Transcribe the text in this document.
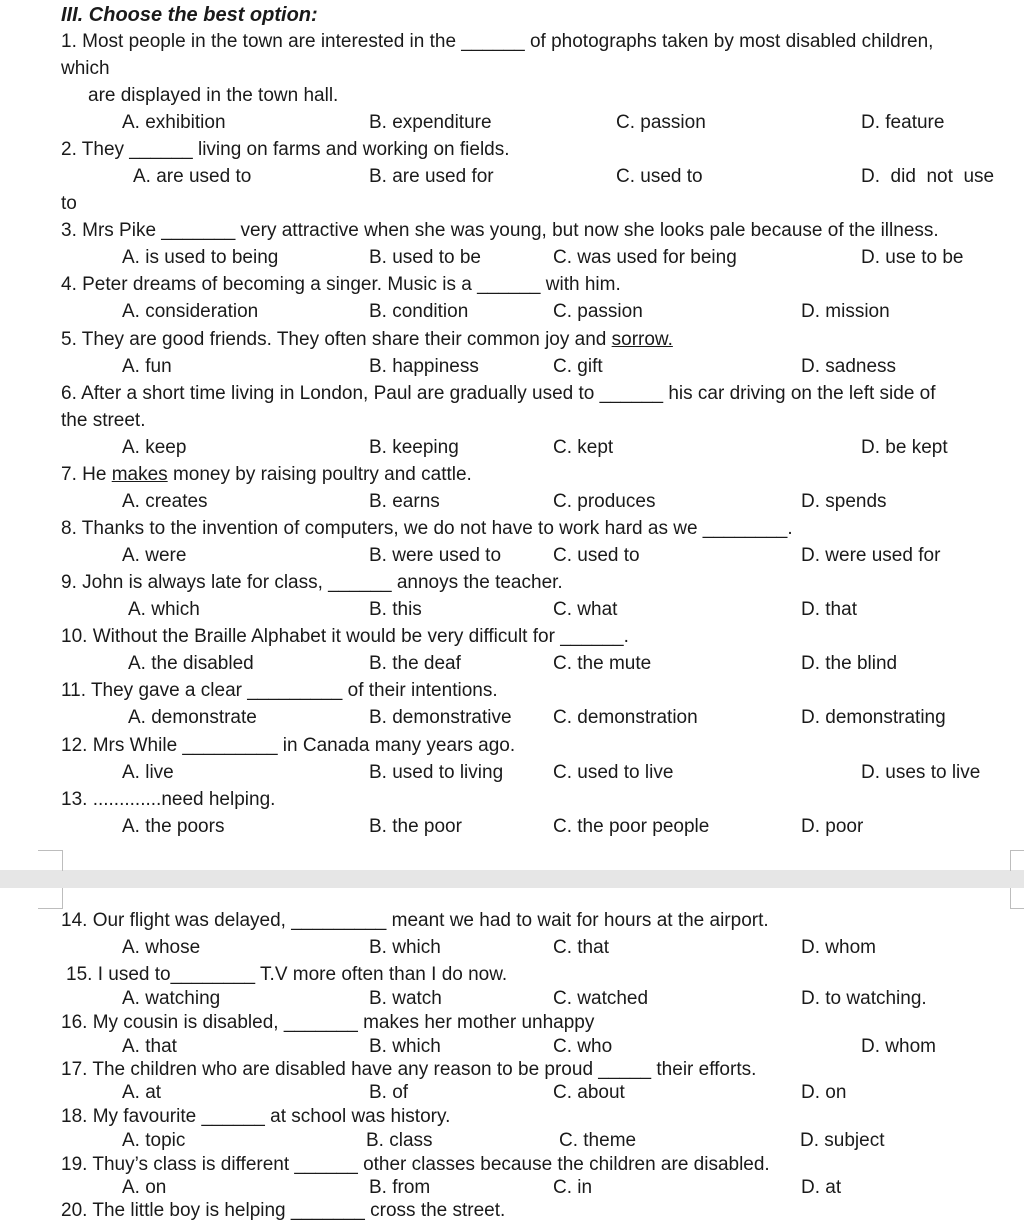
III. Choose the best option:
1. Most people in the town are interested in the ______ of photographs taken by most disabled children,
which
are displayed in the town hall.
A. exhibition	B. expenditure	C. passion	D. feature
2. They ______ living on farms and working on fields.
A. are used to	B. are used for	C. used to	D.  did  not  use
to
3. Mrs Pike _______ very attractive when she was young, but now she looks pale because of the illness.
A. is used to being	B. used to be	C. was used for being	D. use to be
4. Peter dreams of becoming a singer. Music is a ______ with him.
A. consideration	B. condition	C. passion	D. mission
5. They are good friends. They often share their common joy and sorrow.
A. fun	B. happiness	C. gift	D. sadness
6. After a short time living in London, Paul are gradually used to ______ his car driving on the left side of
the street.
A. keep	B. keeping	C. kept	D. be kept
7. He makes money by raising poultry and cattle.
A. creates	B. earns	C. produces	D. spends
8. Thanks to the invention of computers, we do not have to work hard as we ________.
A. were	B. were used to	C. used to	D. were used for
9. John is always late for class, ______ annoys the teacher.
A. which	B. this	C. what	D. that
10. Without the Braille Alphabet it would be very difficult for ______.
A. the disabled	B. the deaf	C. the mute	D. the blind
11. They gave a clear _________ of their intentions.
A. demonstrate	B. demonstrative C. demonstration	D. demonstrating
12. Mrs While _________ in Canada many years ago.
A. live	B. used to living	C. used to live	D. uses to live
13. .............need helping.
A. the poors	B. the poor	C. the poor people	D. poor
14. Our flight was delayed, _________ meant we had to wait for hours at the airport.
A. whose	B. which	C. that	D. whom
15. I used to________ T.V more often than I do now.
A. watching	B. watch	C. watched	D. to watching.
16. My cousin is disabled, _______ makes her mother unhappy
A. that	B. which	C. who	D. whom
17. The children who are disabled have any reason to be proud _____ their efforts.
A. at	B. of	C. about	D. on
18. My favourite ______ at school was history.
A. topic	B. class	C. theme	D. subject
19. Thuy’s class is different ______ other classes because the children are disabled.
A. on	B. from	C. in	D. at
20. The little boy is helping _______ cross the street.
